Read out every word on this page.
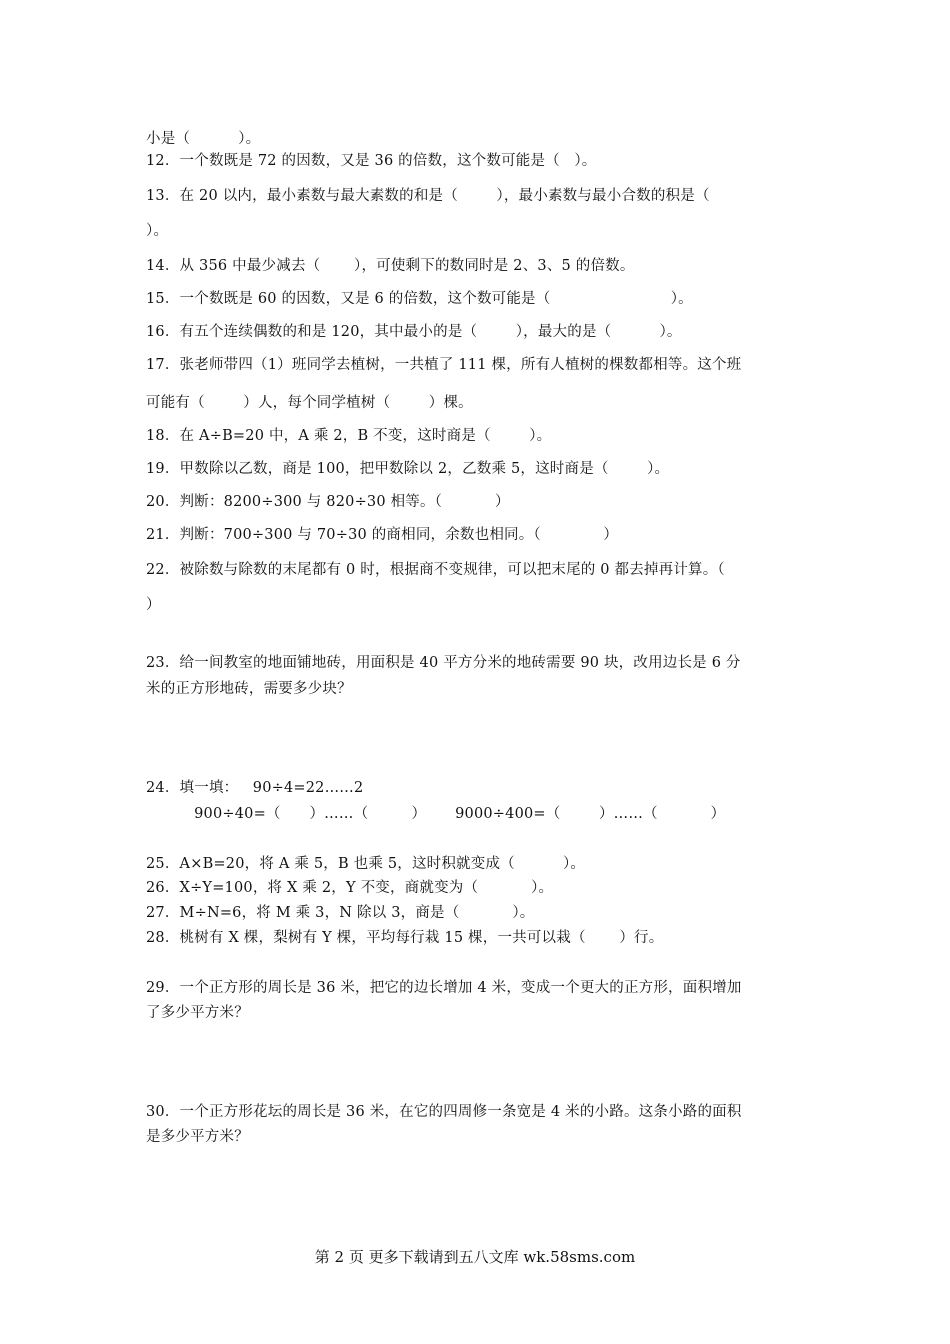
小是（          ）。
12．一个数既是 72 的因数，又是 36 的倍数，这个数可能是（   ）。
13．在 20 以内，最小素数与最大素数的和是（        ），最小素数与最小合数的积是（
）。
14．从 356 中最少减去（       ），可使剩下的数同时是 2、3、5 的倍数。
15．一个数既是 60 的因数，又是 6 的倍数，这个数可能是（                         ）。
16．有五个连续偶数的和是 120，其中最小的是（        ），最大的是（          ）。
17．张老师带四（1）班同学去植树，一共植了 111 棵，所有人植树的棵数都相等。这个班
可能有（        ）人，每个同学植树（        ）棵。
18．在 A÷B=20 中，A 乘 2，B 不变，这时商是（        ）。
19．甲数除以乙数，商是 100，把甲数除以 2，乙数乘 5，这时商是（        ）。
20．判断：8200÷300 与 820÷30 相等。（           ）
21．判断：700÷300 与 70÷30 的商相同，余数也相同。（             ）
22．被除数与除数的末尾都有 0 时，根据商不变规律，可以把末尾的 0 都去掉再计算。（
）
23．给一间教室的地面铺地砖，用面积是 40 平方分米的地砖需要 90 块，改用边长是 6 分
米的正方形地砖，需要多少块？
24．填一填：   90÷4=22……2
900÷40=（      ）……（         ）      9000÷400=（        ）……（           ）
25．A×B=20，将 A 乘 5，B 也乘 5，这时积就变成（          ）。
26．X÷Y=100，将 X 乘 2，Y 不变，商就变为（           ）。
27．M÷N=6，将 M 乘 3，N 除以 3，商是（           ）。
28．桃树有 X 棵，梨树有 Y 棵，平均每行栽 15 棵，一共可以栽（       ）行。
29．一个正方形的周长是 36 米，把它的边长增加 4 米，变成一个更大的正方形，面积增加
了多少平方米？
30．一个正方形花坛的周长是 36 米，在它的四周修一条宽是 4 米的小路。这条小路的面积
是多少平方米？
第 2 页 更多下载请到五八文库 wk.58sms.com
